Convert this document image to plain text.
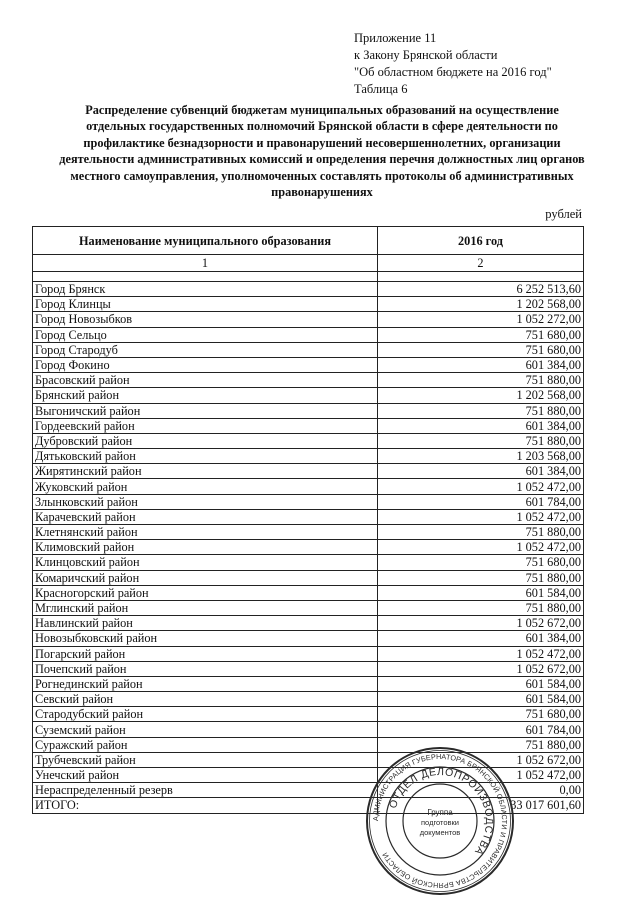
Приложение 11
к Закону Брянской области
"Об областном бюджете на 2016 год"
Таблица 6
Распределение субвенций бюджетам муниципальных образований на осуществление
отдельных государственных полномочий Брянской области в сфере деятельности по
профилактике безнадзорности и правонарушений несовершеннолетних, организации
деятельности административных комиссий и определения перечня должностных лиц органов
местного самоуправления, уполномоченных составлять протоколы об административных
правонарушениях
рублей
Наименование муниципального образования	2016 год
1	2

Город Брянск	6 252 513,60
Город Клинцы	1 202 568,00
Город Новозыбков	1 052 272,00
Город Сельцо	751 680,00
Город Стародуб	751 680,00
Город Фокино	601 384,00
Брасовский район	751 880,00
Брянский район	1 202 568,00
Выгоничский район	751 880,00
Гордеевский район	601 384,00
Дубровский район	751 880,00
Дятьковский район	1 203 568,00
Жирятинский район	601 384,00
Жуковский район	1 052 472,00
Злынковский район	601 784,00
Карачевский район	1 052 472,00
Клетнянский район	751 880,00
Климовский район	1 052 472,00
Клинцовский район	751 680,00
Комаричский район	751 880,00
Красногорский район	601 584,00
Мглинский район	751 880,00
Навлинский район	1 052 672,00
Новозыбковский район	601 384,00
Погарский район	1 052 472,00
Почепский район	1 052 672,00
Рогнединский район	601 584,00
Севский район	601 584,00
Стародубский район	751 680,00
Суземский район	601 784,00
Суражский район	751 880,00
Трубчевский район	1 052 672,00
Унечский район	1 052 472,00
Нераспределенный резерв	0,00
ИТОГО:	33 017 601,60
АДМИНИСТРАЦИЯ ГУБЕРНАТОРА БРЯНСКОЙ ОБЛАСТИ И ПРАВИТЕЛЬСТВА БРЯНСКОЙ ОБЛАСТИ
ОТДЕЛ ДЕЛОПРОИЗВОДСТВА
Группа
подготовки
документов
